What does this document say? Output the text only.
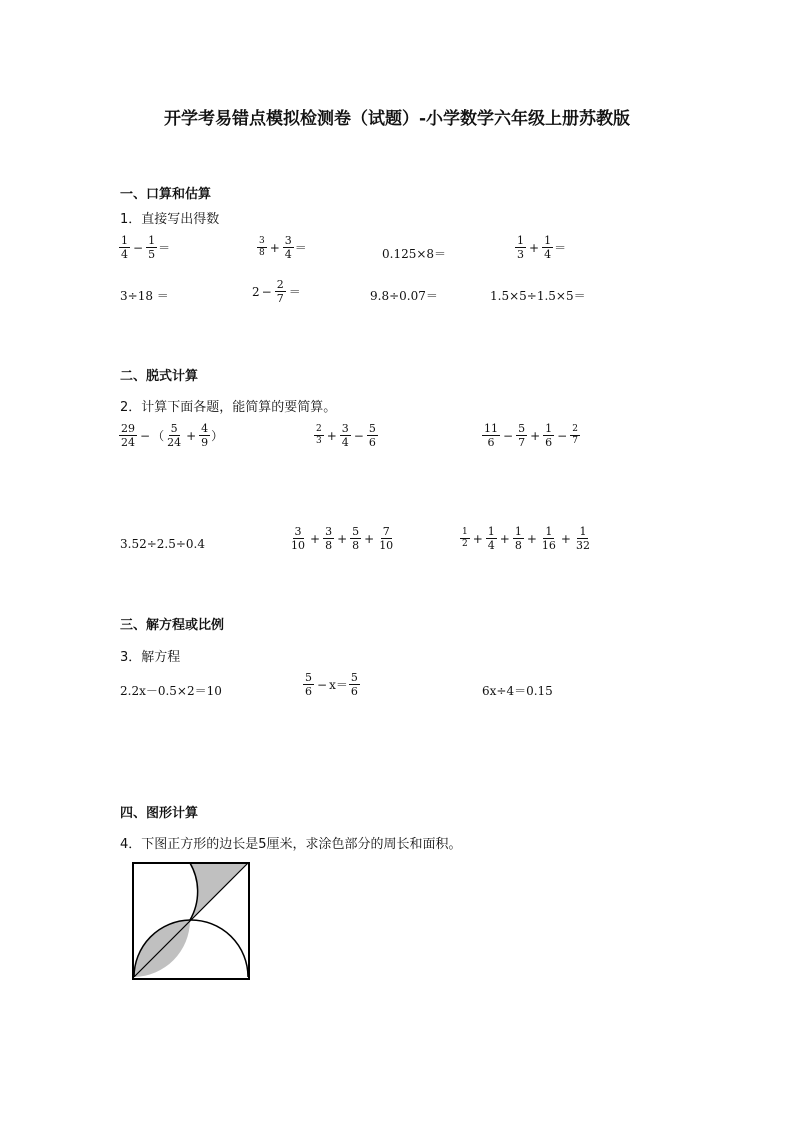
开学考易错点模拟检测卷（试题）-小学数学六年级上册苏教版
一、口算和估算
1．直接写出得数
$\frac{1}{4} - \frac{1}{5}$ ＝	$\frac{3}{8} + \frac{3}{4}$ ＝	0.125×8＝	$\frac{1}{3} + \frac{1}{4}$ ＝
3÷18 ＝	$2 - \frac{2}{7}$ ＝	9.8÷0.07＝	1.5×5÷1.5×5＝
二、脱式计算
2．计算下面各题，能简算的要简算。
$\frac{29}{24}$ − （ $\frac{5}{24} + \frac{4}{9}$ ）	$\frac{2}{3} + \frac{3}{4} - \frac{5}{6}$	$\frac{11}{6} - \frac{5}{7} + \frac{1}{6} - \frac{2}{7}$
3.52÷2.5÷0.4	$\frac{3}{10} + \frac{3}{8} + \frac{5}{8} + \frac{7}{10}$	$\frac{1}{2} + \frac{1}{4} + \frac{1}{8} + \frac{1}{16} + \frac{1}{32}$
三、解方程或比例
3．解方程
2.2x－0.5×2＝10	$\frac{5}{6} - x = \frac{5}{6}$	6x÷4＝0.15
四、图形计算
4．下图正方形的边长是5厘米，求涂色部分的周长和面积。
